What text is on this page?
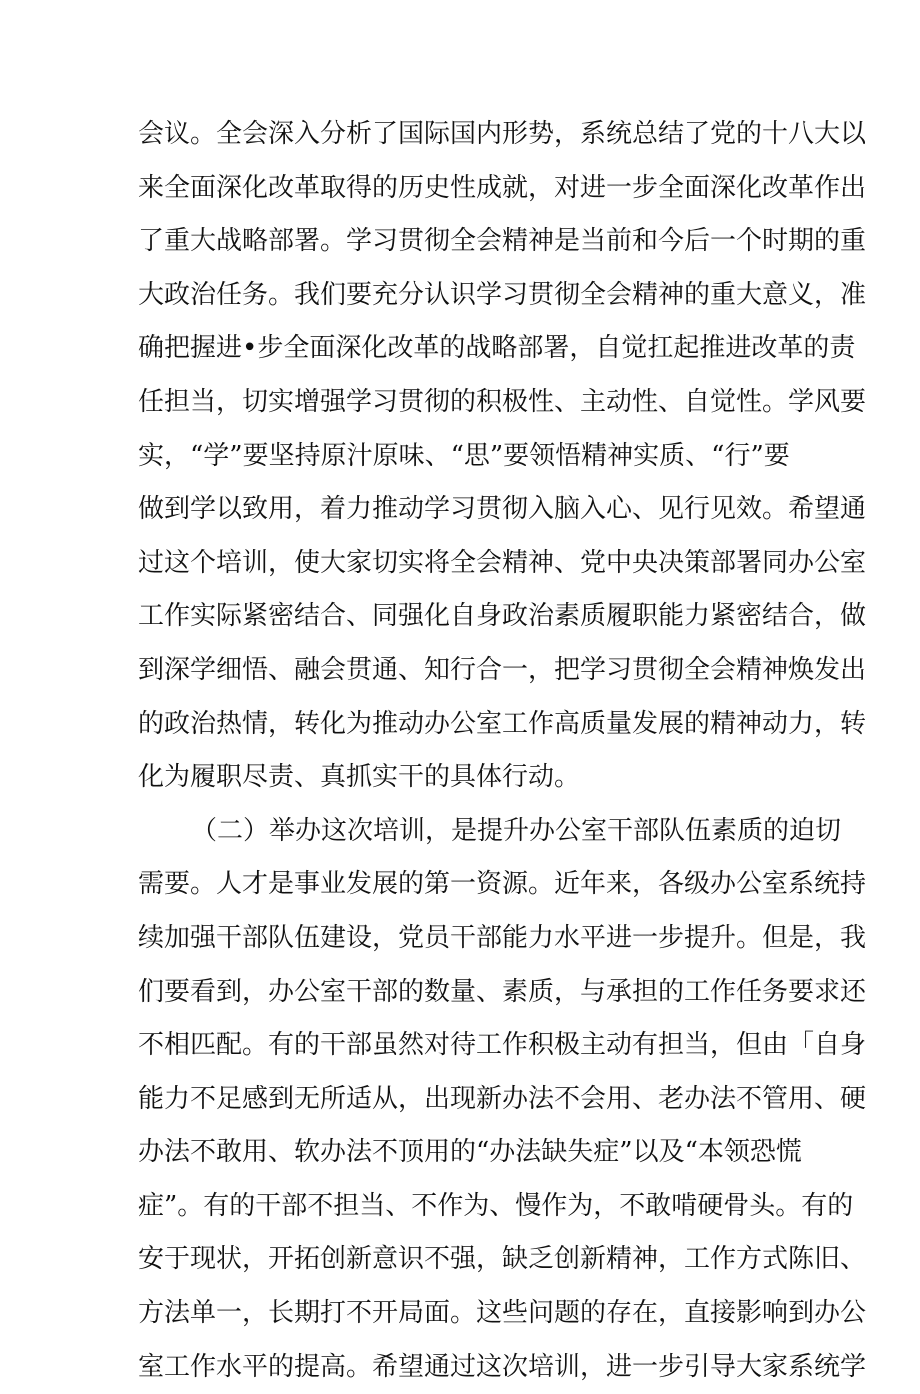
会议。全会深入分析了国际国内形势，系统总结了党的十八大以
来全面深化改革取得的历史性成就，对进一步全面深化改革作出
了重大战略部署。学习贯彻全会精神是当前和今后一个时期的重
大政治任务。我们要充分认识学习贯彻全会精神的重大意义，准
确把握进•步全面深化改革的战略部署，自觉扛起推进改革的责
任担当，切实增强学习贯彻的积极性、主动性、自觉性。学风要
实，“学”要坚持原汁原味、“思”要领悟精神实质、“行”要
做到学以致用，着力推动学习贯彻入脑入心、见行见效。希望通
过这个培训，使大家切实将全会精神、党中央决策部署同办公室
工作实际紧密结合、同强化自身政治素质履职能力紧密结合，做
到深学细悟、融会贯通、知行合一，把学习贯彻全会精神焕发出
的政治热情，转化为推动办公室工作高质量发展的精神动力，转
化为履职尽责、真抓实干的具体行动。
（二）举办这次培训，是提升办公室干部队伍素质的迫切
需要。人才是事业发展的第一资源。近年来，各级办公室系统持
续加强干部队伍建设，党员干部能力水平进一步提升。但是，我
们要看到，办公室干部的数量、素质，与承担的工作任务要求还
不相匹配。有的干部虽然对待工作积极主动有担当，但由「自身
能力不足感到无所适从，出现新办法不会用、老办法不管用、硬
办法不敢用、软办法不顶用的“办法缺失症”以及“本领恐慌
症”。有的干部不担当、不作为、慢作为，不敢啃硬骨头。有的
安于现状，开拓创新意识不强，缺乏创新精神，工作方式陈旧、
方法单一，长期打不开局面。这些问题的存在，直接影响到办公
室工作水平的提高。希望通过这次培训，进一步引导大家系统学
